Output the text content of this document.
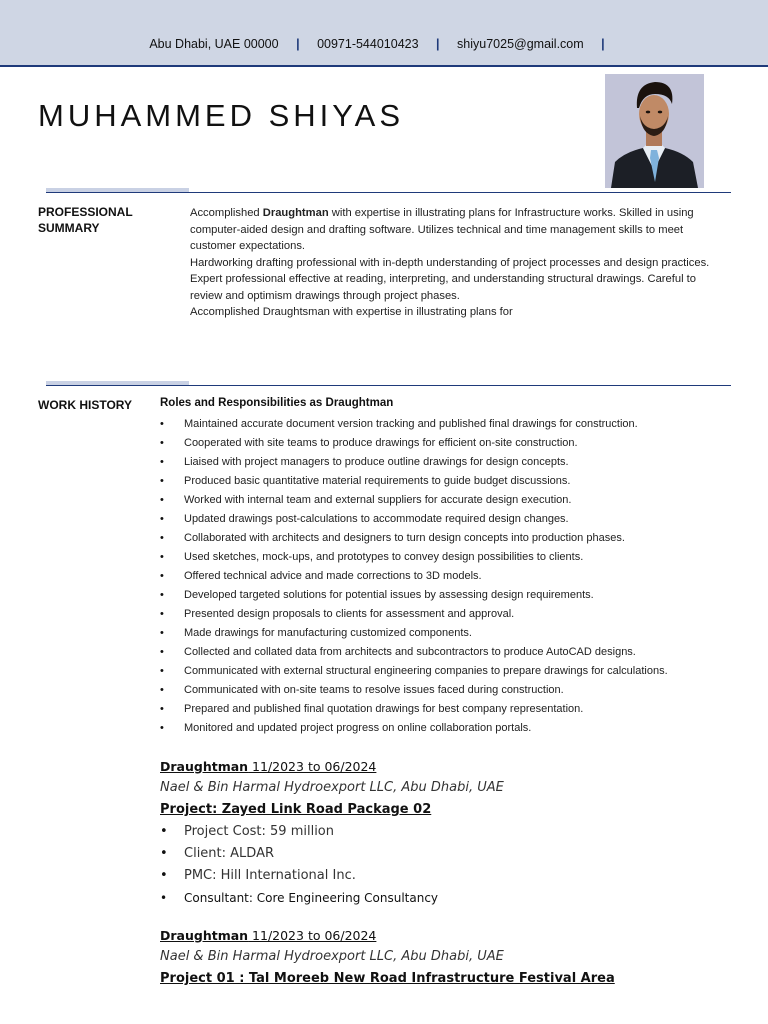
Abu Dhabi, UAE 00000 | 00971-544010423 | shiyu7025@gmail.com |
MUHAMMED SHIYAS
PROFESSIONAL
SUMMARY

Accomplished Draughtman with expertise in illustrating plans for Infrastructure works. Skilled in using computer-aided design and drafting software. Utilizes technical and time management skills to meet customer expectations.

Hardworking drafting professional with in-depth understanding of project processes and design practices.

Expert professional effective at reading, interpreting, and understanding structural drawings. Careful to review and optimism drawings through project phases.

Accomplished Draughtsman with expertise in illustrating plans for

WORK HISTORY Roles and Responsibilities as Draughtman
• Maintained accurate document version tracking and published final drawings for construction.
• Cooperated with site teams to produce drawings for efficient on-site construction.
• Liaised with project managers to produce outline drawings for design concepts.
• Produced basic quantitative material requirements to guide budget discussions.
• Worked with internal team and external suppliers for accurate design execution.
• Updated drawings post-calculations to accommodate required design changes.
• Collaborated with architects and designers to turn design concepts into production phases.
• Used sketches, mock-ups, and prototypes to convey design possibilities to clients.
• Offered technical advice and made corrections to 3D models.
• Developed targeted solutions for potential issues by assessing design requirements.
• Presented design proposals to clients for assessment and approval.
• Made drawings for manufacturing customized components.
• Collected and collated data from architects and subcontractors to produce AutoCAD designs.
• Communicated with external structural engineering companies to prepare drawings for calculations.
• Communicated with on-site teams to resolve issues faced during construction.
• Prepared and published final quotation drawings for best company representation.
• Monitored and updated project progress on online collaboration portals.
Draughtman 11/2023 to 06/2024
Nael & Bin Harmal Hydroexport LLC, Abu Dhabi, UAE
Project: Zayed Link Road Package 02
• Project Cost: 59 million
• Client: ALDAR
• PMC: Hill International Inc.
• Consultant: Core Engineering Consultancy
Draughtman 11/2023 to 06/2024
Nael & Bin Harmal Hydroexport LLC, Abu Dhabi, UAE
Project 01 : Tal Moreeb New Road Infrastructure Festival Area
